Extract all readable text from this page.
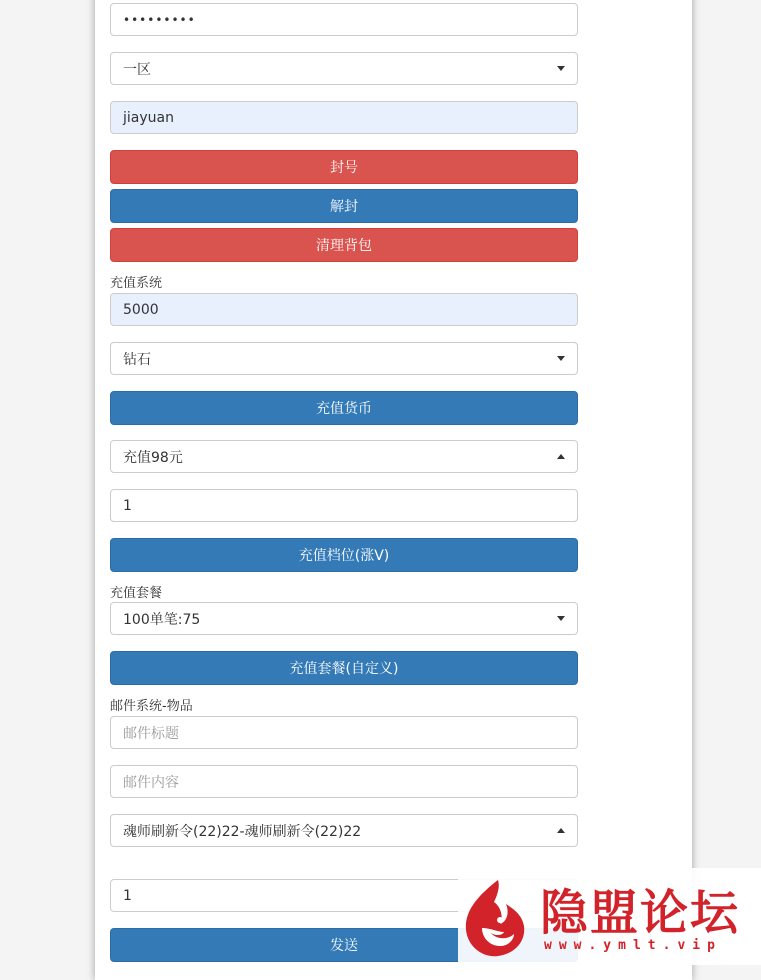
•••••••••
一区
jiayuan
封号
解封
清理背包
充值系统
5000
钻石
充值货币
充值98元
1
充值档位(涨V)
充值套餐
100单笔:75
充值套餐(自定义)
邮件系统-物品
邮件标题
邮件内容
魂师刷新令(22)22-魂师刷新令(22)22
1
发送
隐盟论坛
www.ymlt.vip
